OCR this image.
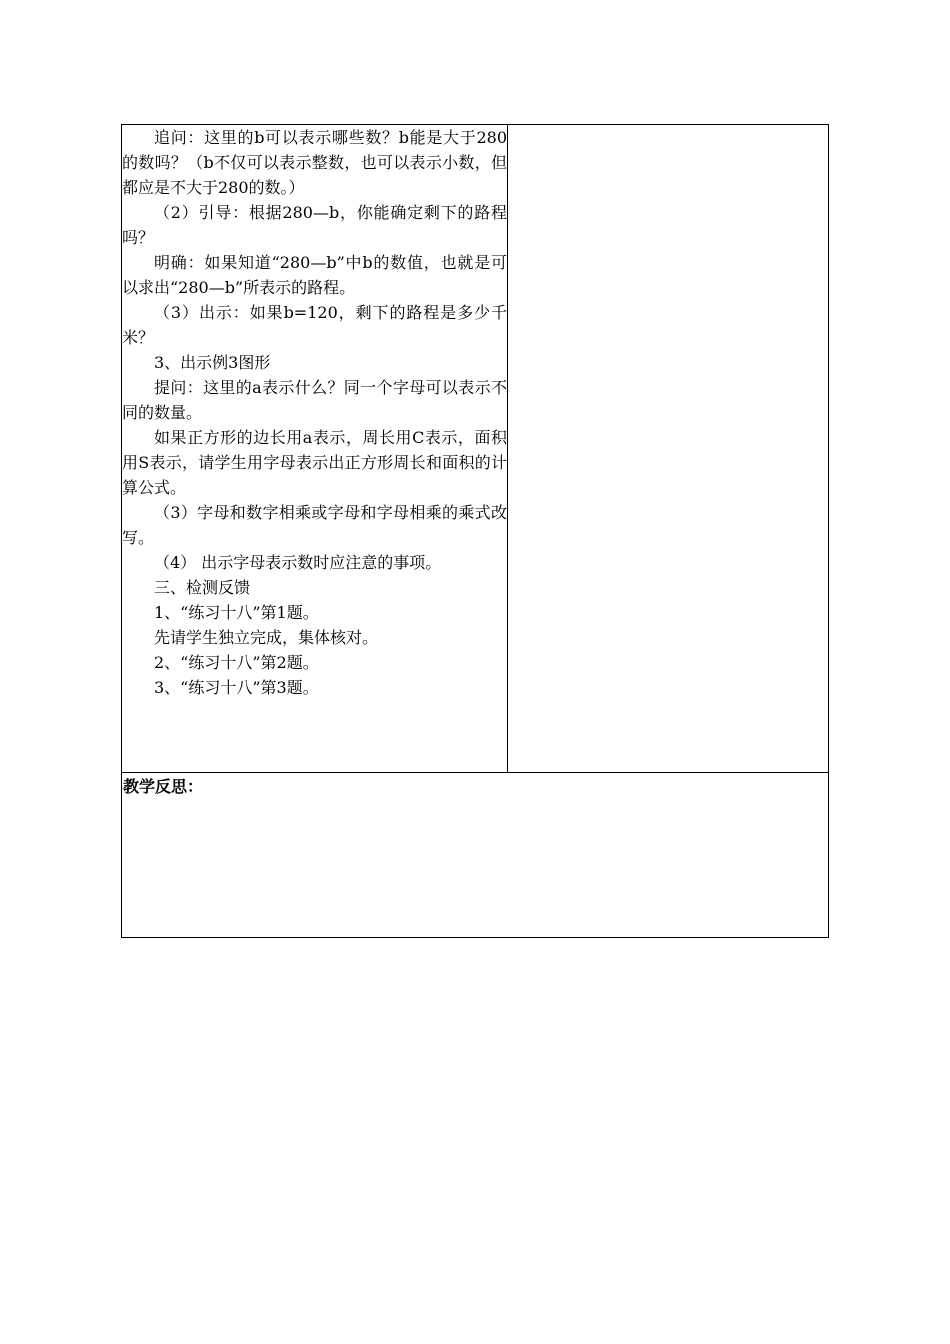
追问：这里的b可以表示哪些数？b能是大于280的数吗？（b不仅可以表示整数，也可以表示小数，但都应是不大于280的数。）

（2）引导：根据280—b，你能确定剩下的路程吗？

明确：如果知道“280—b”中b的数值，也就是可以求出“280—b”所表示的路程。

（3）出示：如果b=120，剩下的路程是多少千米？

3、出示例3图形

提问：这里的a表示什么？同一个字母可以表示不同的数量。

如果正方形的边长用a表示，周长用C表示，面积用S表示，请学生用字母表示出正方形周长和面积的计算公式。

（3）字母和数字相乘或字母和字母相乘的乘式改写。

（4） 出示字母表示数时应注意的事项。

三、检测反馈

1、“练习十八”第1题。

先请学生独立完成，集体核对。

2、“练习十八”第2题。

3、“练习十八”第3题。

教学反思：
